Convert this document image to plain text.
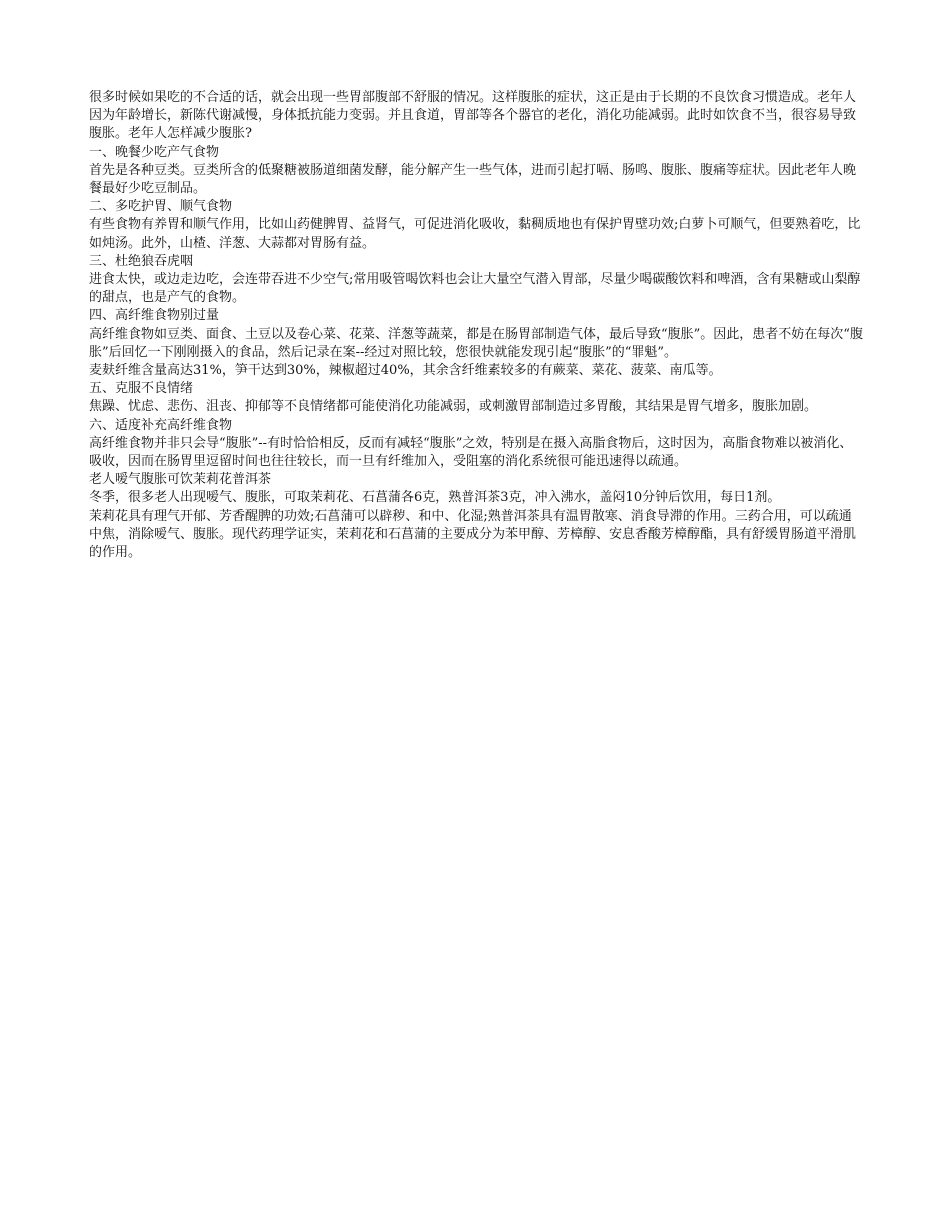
很多时候如果吃的不合适的话，就会出现一些胃部腹部不舒服的情况。这样腹胀的症状，这正是由于长期的不良饮食习惯造成。老年人因为年龄增长，新陈代谢减慢，身体抵抗能力变弱。并且食道，胃部等各个器官的老化，消化功能减弱。此时如饮食不当，很容易导致腹胀。老年人怎样减少腹胀?

一、晚餐少吃产气食物

首先是各种豆类。豆类所含的低聚糖被肠道细菌发酵，能分解产生一些气体，进而引起打嗝、肠鸣、腹胀、腹痛等症状。因此老年人晚餐最好少吃豆制品。

二、多吃护胃、顺气食物

有些食物有养胃和顺气作用，比如山药健脾胃、益肾气，可促进消化吸收，黏稠质地也有保护胃壁功效;白萝卜可顺气，但要熟着吃，比如炖汤。此外，山楂、洋葱、大蒜都对胃肠有益。

三、杜绝狼吞虎咽

进食太快，或边走边吃，会连带吞进不少空气;常用吸管喝饮料也会让大量空气潜入胃部，尽量少喝碳酸饮料和啤酒，含有果糖或山梨醇的甜点，也是产气的食物。

四、高纤维食物别过量

高纤维食物如豆类、面食、土豆以及卷心菜、花菜、洋葱等蔬菜，都是在肠胃部制造气体，最后导致“腹胀”。因此，患者不妨在每次“腹胀”后回忆一下刚刚摄入的食品，然后记录在案--经过对照比较，您很快就能发现引起“腹胀”的“罪魁”。

麦麸纤维含量高达31%，笋干达到30%，辣椒超过40%，其余含纤维素较多的有蕨菜、菜花、菠菜、南瓜等。

五、克服不良情绪

焦躁、忧虑、悲伤、沮丧、抑郁等不良情绪都可能使消化功能减弱，或刺激胃部制造过多胃酸，其结果是胃气增多，腹胀加剧。

六、适度补充高纤维食物

高纤维食物并非只会导“腹胀”--有时恰恰相反，反而有减轻“腹胀”之效，特别是在摄入高脂食物后，这时因为，高脂食物难以被消化、吸收，因而在肠胃里逗留时间也往往较长，而一旦有纤维加入，受阻塞的消化系统很可能迅速得以疏通。

老人嗳气腹胀可饮茉莉花普洱茶

冬季，很多老人出现嗳气、腹胀，可取茉莉花、石菖蒲各6克，熟普洱茶3克，冲入沸水，盖闷10分钟后饮用，每日1剂。

茉莉花具有理气开郁、芳香醒脾的功效;石菖蒲可以辟秽、和中、化湿;熟普洱茶具有温胃散寒、消食导滞的作用。三药合用，可以疏通中焦，消除嗳气、腹胀。现代药理学证实，茉莉花和石菖蒲的主要成分为苯甲醇、芳樟醇、安息香酸芳樟醇酯，具有舒缓胃肠道平滑肌的作用。
